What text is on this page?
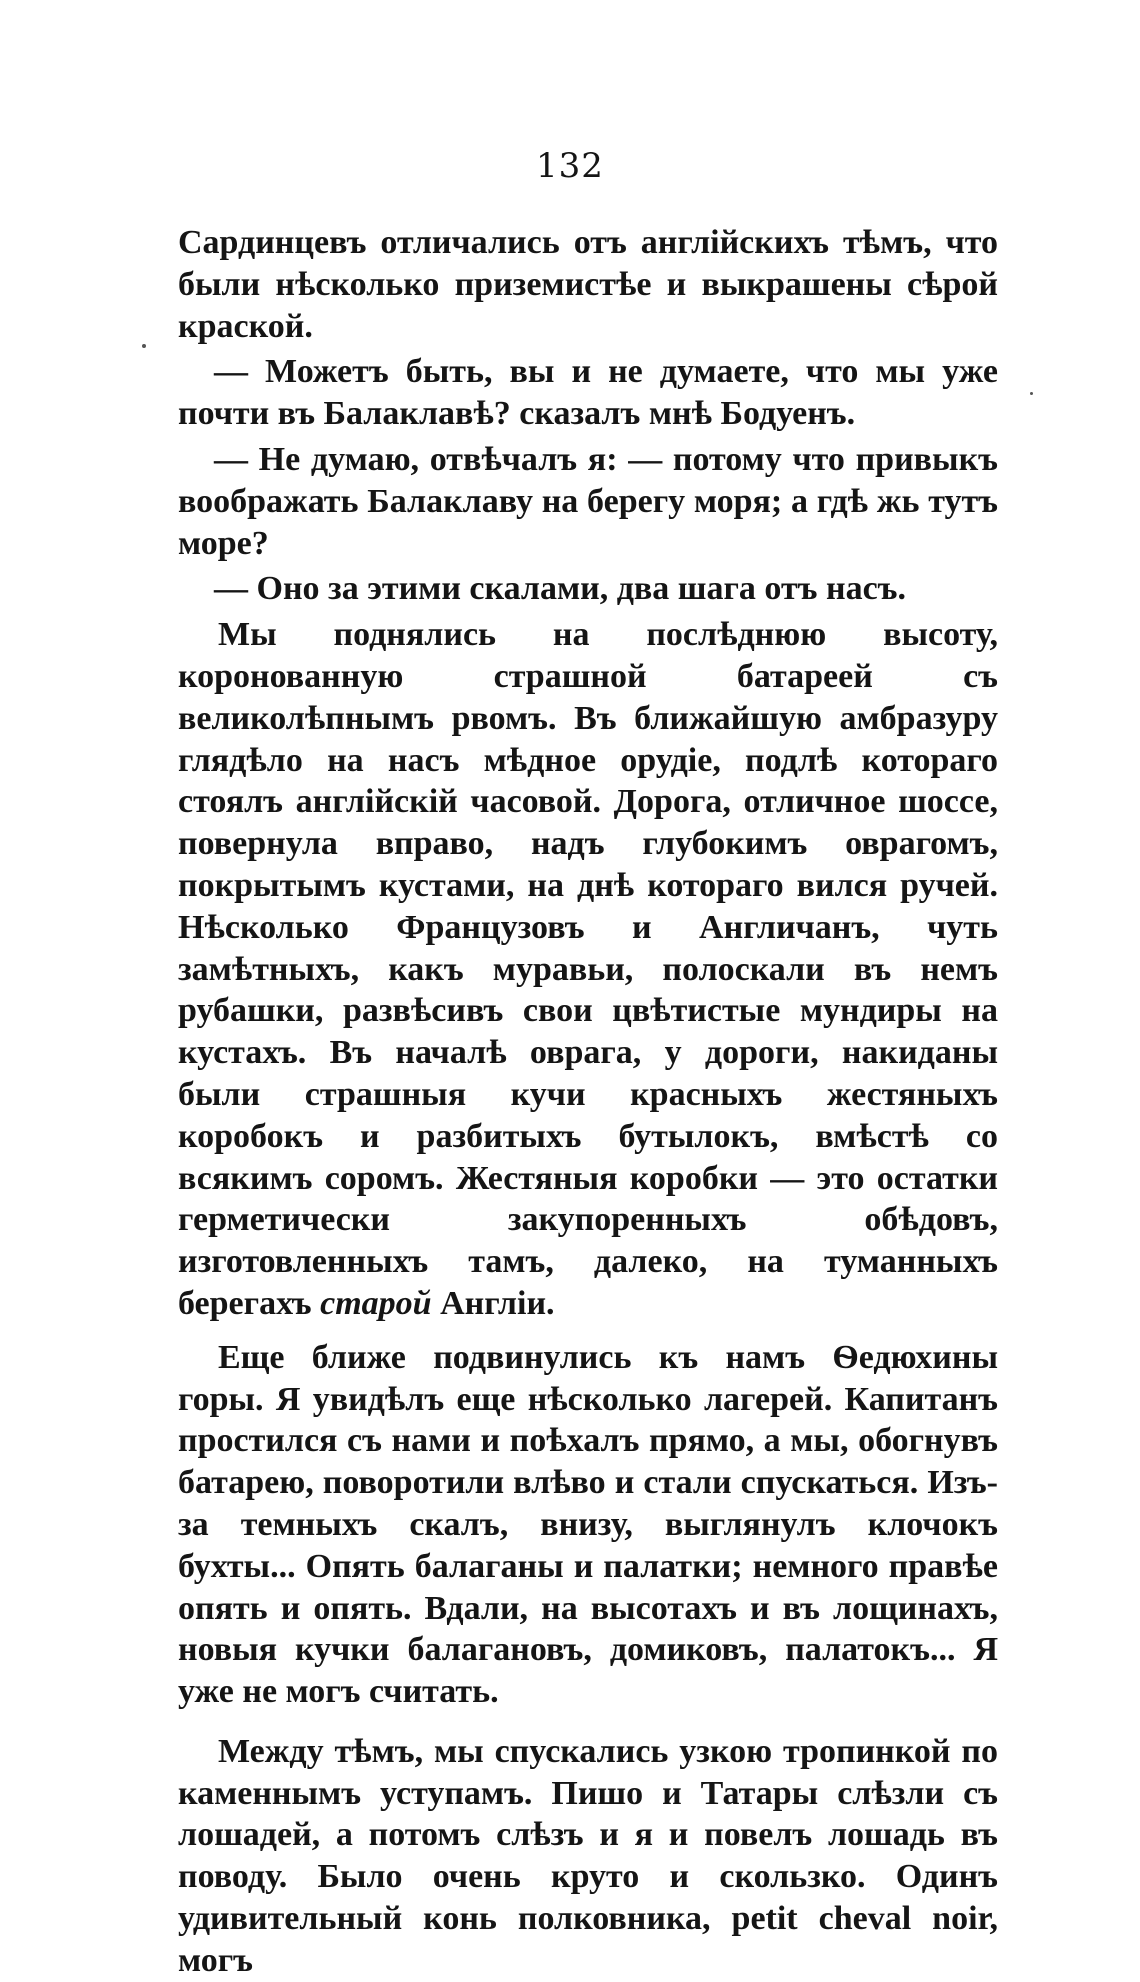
132

Сардинцевъ отличались отъ англійскихъ тѣмъ, что были нѣсколько приземистѣе и выкрашены сѣрой краской.

— Можетъ быть, вы и не думаете, что мы уже почти въ Балаклавѣ? сказалъ мнѣ Бодуенъ.

— Не думаю, отвѣчалъ я: — потому что привыкъ воображать Балаклаву на берегу моря; а гдѣ жь тутъ море?

— Оно за этими скалами, два шага отъ насъ.

Мы поднялись на послѣднюю высоту, коронованную страшной батареей съ великолѣпнымъ рвомъ. Въ ближайшую амбразуру глядѣло на насъ мѣдное орудіе, подлѣ котораго стоялъ англійскій часовой. Дорога, отличное шоссе, повернула вправо, надъ глубокимъ оврагомъ, покрытымъ кустами, на днѣ котораго вился ручей. Нѣсколько Французовъ и Англичанъ, чуть замѣтныхъ, какъ муравьи, полоскали въ немъ рубашки, развѣсивъ свои цвѣтистые мундиры на кустахъ. Въ началѣ оврага, у дороги, накиданы были страшныя кучи красныхъ жестяныхъ коробокъ и разбитыхъ бутылокъ, вмѣстѣ со всякимъ соромъ. Жестяныя коробки — это остатки герметически закупоренныхъ обѣдовъ, изготовленныхъ тамъ, далеко, на туманныхъ берегахъ старой Англіи.

Еще ближе подвинулись къ намъ Ѳедюхины горы. Я увидѣлъ еще нѣсколько лагерей. Капитанъ простился съ нами и поѣхалъ прямо, а мы, обогнувъ батарею, поворотили влѣво и стали спускаться. Изъ-за темныхъ скалъ, внизу, выглянулъ клочокъ бухты... Опять балаганы и палатки; немного правѣе опять и опять. Вдали, на высотахъ и въ лощинахъ, новыя кучки балагановъ, домиковъ, палатокъ... Я уже не могъ считать.

Между тѣмъ, мы спускались узкою тропинкой по каменнымъ уступамъ. Пишо и Татары слѣзли съ лошадей, а потомъ слѣзъ и я и повелъ лошадь въ поводу. Было очень круто и скользко. Одинъ удивительный конь полковника, petit cheval noir, могъ
